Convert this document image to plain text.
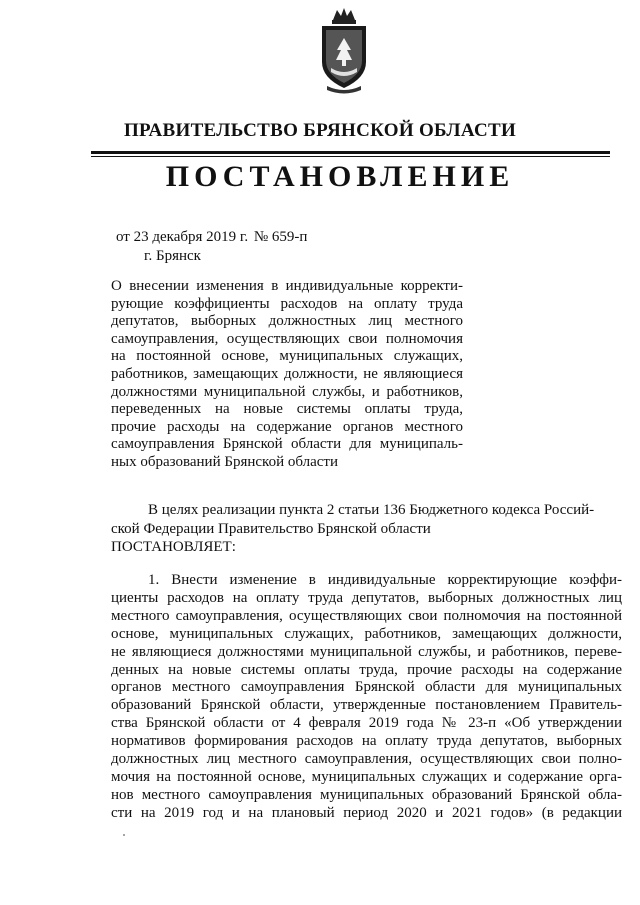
ПРАВИТЕЛЬСТВО БРЯНСКОЙ ОБЛАСТИ
ПОСТАНОВЛЕНИЕ
от 23 декабря 2019 г. № 659-п
г. Брянск
О внесении изменения в индивидуальные корректи-
рующие коэффициенты расходов на оплату труда
депутатов, выборных должностных лиц местного
самоуправления, осуществляющих свои полномочия
на постоянной основе, муниципальных служащих,
работников, замещающих должности, не являющиеся
должностями муниципальной службы, и работников,
переведенных на новые системы оплаты труда,
прочие расходы на содержание органов местного
самоуправления Брянской области для муниципаль-
ных образований Брянской области
В целях реализации пункта 2 статьи 136 Бюджетного кодекса Россий-
ской Федерации Правительство Брянской области
ПОСТАНОВЛЯЕТ:
1. Внести изменение в индивидуальные корректирующие коэффи-
циенты расходов на оплату труда депутатов, выборных должностных лиц
местного самоуправления, осуществляющих свои полномочия на постоянной
основе, муниципальных служащих, работников, замещающих должности,
не являющиеся должностями муниципальной службы, и работников, переве-
денных на новые системы оплаты труда, прочие расходы на содержание
органов местного самоуправления Брянской области для муниципальных
образований Брянской области, утвержденные постановлением Правитель-
ства Брянской области от 4 февраля 2019 года № 23-п «Об утверждении
нормативов формирования расходов на оплату труда депутатов, выборных
должностных лиц местного самоуправления, осуществляющих свои полно-
мочия на постоянной основе, муниципальных служащих и содержание орга-
нов местного самоуправления муниципальных образований Брянской обла-
сти на 2019 год и на плановый период 2020 и 2021 годов» (в редакции
